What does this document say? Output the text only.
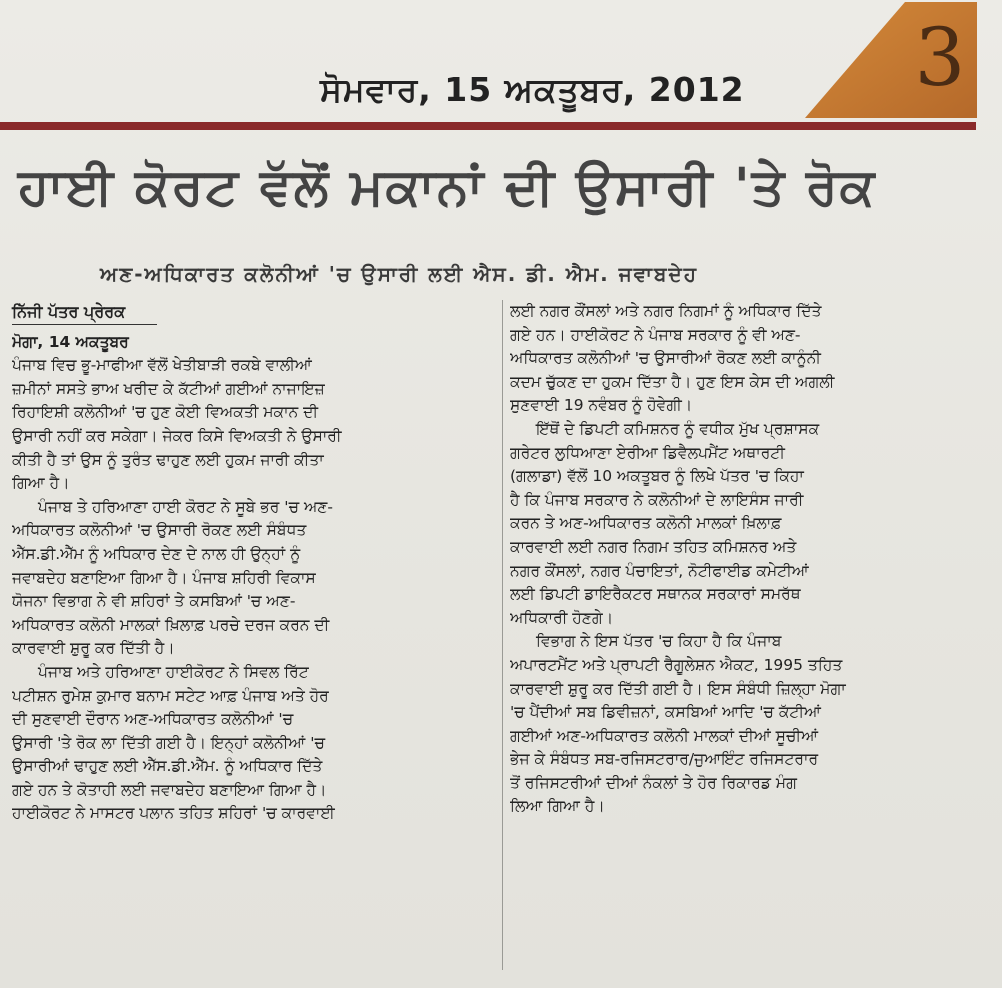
ਸੋਮਵਾਰ, 15 ਅਕਤੂਬਰ, 2012	3
ਹਾਈ ਕੋਰਟ ਵੱਲੋਂ ਮਕਾਨਾਂ ਦੀ ਉਸਾਰੀ 'ਤੇ ਰੋਕ
ਅਣ-ਅਧਿਕਾਰਤ ਕਲੋਨੀਆਂ 'ਚ ਉਸਾਰੀ ਲਈ ਐਸ. ਡੀ. ਐਮ. ਜਵਾਬਦੇਹ
ਨਿੱਜੀ ਪੱਤਰ ਪ੍ਰੇਰਕ
ਮੋਗਾ, 14 ਅਕਤੂਬਰ
ਪੰਜਾਬ ਵਿਚ ਭੂ-ਮਾਫੀਆ ਵੱਲੋਂ ਖੇਤੀਬਾੜੀ ਰਕਬੇ ਵਾਲੀਆਂ
ਜ਼ਮੀਨਾਂ ਸਸਤੇ ਭਾਅ ਖਰੀਦ ਕੇ ਕੱਟੀਆਂ ਗਈਆਂ ਨਾਜਾਇਜ਼
ਰਿਹਾਇਸ਼ੀ ਕਲੋਨੀਆਂ 'ਚ ਹੁਣ ਕੋਈ ਵਿਅਕਤੀ ਮਕਾਨ ਦੀ
ਉਸਾਰੀ ਨਹੀਂ ਕਰ ਸਕੇਗਾ। ਜੇਕਰ ਕਿਸੇ ਵਿਅਕਤੀ ਨੇ ਉਸਾਰੀ
ਕੀਤੀ ਹੈ ਤਾਂ ਉਸ ਨੂੰ ਤੁਰੰਤ ਢਾਹੁਣ ਲਈ ਹੁਕਮ ਜਾਰੀ ਕੀਤਾ
ਗਿਆ ਹੈ।
ਪੰਜਾਬ ਤੇ ਹਰਿਆਣਾ ਹਾਈ ਕੋਰਟ ਨੇ ਸੂਬੇ ਭਰ 'ਚ ਅਣ-
ਅਧਿਕਾਰਤ ਕਲੋਨੀਆਂ 'ਚ ਉਸਾਰੀ ਰੋਕਣ ਲਈ ਸੰਬੰਧਤ
ਐੱਸ.ਡੀ.ਐੱਮ ਨੂੰ ਅਧਿਕਾਰ ਦੇਣ ਦੇ ਨਾਲ ਹੀ ਉਨ੍ਹਾਂ ਨੂੰ
ਜਵਾਬਦੇਹ ਬਣਾਇਆ ਗਿਆ ਹੈ। ਪੰਜਾਬ ਸ਼ਹਿਰੀ ਵਿਕਾਸ
ਯੋਜਨਾ ਵਿਭਾਗ ਨੇ ਵੀ ਸ਼ਹਿਰਾਂ ਤੇ ਕਸਬਿਆਂ 'ਚ ਅਣ-
ਅਧਿਕਾਰਤ ਕਲੋਨੀ ਮਾਲਕਾਂ ਖ਼ਿਲਾਫ਼ ਪਰਚੇ ਦਰਜ ਕਰਨ ਦੀ
ਕਾਰਵਾਈ ਸ਼ੁਰੂ ਕਰ ਦਿੱਤੀ ਹੈ।
ਪੰਜਾਬ ਅਤੇ ਹਰਿਆਣਾ ਹਾਈਕੋਰਟ ਨੇ ਸਿਵਲ ਰਿੱਟ
ਪਟੀਸ਼ਨ ਰੁਮੇਸ਼ ਕੁਮਾਰ ਬਨਾਮ ਸਟੇਟ ਆਫ਼ ਪੰਜਾਬ ਅਤੇ ਹੋਰ
ਦੀ ਸੁਣਵਾਈ ਦੌਰਾਨ ਅਣ-ਅਧਿਕਾਰਤ ਕਲੋਨੀਆਂ 'ਚ
ਉਸਾਰੀ 'ਤੇ ਰੋਕ ਲਾ ਦਿੱਤੀ ਗਈ ਹੈ। ਇਨ੍ਹਾਂ ਕਲੋਨੀਆਂ 'ਚ
ਉਸਾਰੀਆਂ ਢਾਹੁਣ ਲਈ ਐੱਸ.ਡੀ.ਐੱਮ. ਨੂੰ ਅਧਿਕਾਰ ਦਿੱਤੇ
ਗਏ ਹਨ ਤੇ ਕੋਤਾਹੀ ਲਈ ਜਵਾਬਦੇਹ ਬਣਾਇਆ ਗਿਆ ਹੈ।
ਹਾਈਕੋਰਟ ਨੇ ਮਾਸਟਰ ਪਲਾਨ ਤਹਿਤ ਸ਼ਹਿਰਾਂ 'ਚ ਕਾਰਵਾਈ
ਲਈ ਨਗਰ ਕੌਂਸਲਾਂ ਅਤੇ ਨਗਰ ਨਿਗਮਾਂ ਨੂੰ ਅਧਿਕਾਰ ਦਿੱਤੇ
ਗਏ ਹਨ। ਹਾਈਕੋਰਟ ਨੇ ਪੰਜਾਬ ਸਰਕਾਰ ਨੂੰ ਵੀ ਅਣ-
ਅਧਿਕਾਰਤ ਕਲੋਨੀਆਂ 'ਚ ਉਸਾਰੀਆਂ ਰੋਕਣ ਲਈ ਕਾਨੂੰਨੀ
ਕਦਮ ਚੁੱਕਣ ਦਾ ਹੁਕਮ ਦਿੱਤਾ ਹੈ। ਹੁਣ ਇਸ ਕੇਸ ਦੀ ਅਗਲੀ
ਸੁਣਵਾਈ 19 ਨਵੰਬਰ ਨੂੰ ਹੋਵੇਗੀ।
ਇੱਥੋਂ ਦੇ ਡਿਪਟੀ ਕਮਿਸ਼ਨਰ ਨੂੰ ਵਧੀਕ ਮੁੱਖ ਪ੍ਰਸ਼ਾਸਕ
ਗਰੇਟਰ ਲੁਧਿਆਣਾ ਏਰੀਆ ਡਿਵੈਲਪਮੈਂਟ ਅਥਾਰਟੀ
(ਗਲਾਡਾ) ਵੱਲੋਂ 10 ਅਕਤੂਬਰ ਨੂੰ ਲਿਖੇ ਪੱਤਰ 'ਚ ਕਿਹਾ
ਹੈ ਕਿ ਪੰਜਾਬ ਸਰਕਾਰ ਨੇ ਕਲੋਨੀਆਂ ਦੇ ਲਾਇਸੰਸ ਜਾਰੀ
ਕਰਨ ਤੇ ਅਣ-ਅਧਿਕਾਰਤ ਕਲੋਨੀ ਮਾਲਕਾਂ ਖ਼ਿਲਾਫ਼
ਕਾਰਵਾਈ ਲਈ ਨਗਰ ਨਿਗਮ ਤਹਿਤ ਕਮਿਸ਼ਨਰ ਅਤੇ
ਨਗਰ ਕੌਂਸਲਾਂ, ਨਗਰ ਪੰਚਾਇਤਾਂ, ਨੋਟੀਫਾਈਡ ਕਮੇਟੀਆਂ
ਲਈ ਡਿਪਟੀ ਡਾਇਰੈਕਟਰ ਸਥਾਨਕ ਸਰਕਾਰਾਂ ਸਮਰੱਥ
ਅਧਿਕਾਰੀ ਹੋਣਗੇ।
ਵਿਭਾਗ ਨੇ ਇਸ ਪੱਤਰ 'ਚ ਕਿਹਾ ਹੈ ਕਿ ਪੰਜਾਬ
ਅਪਾਰਟਮੈਂਟ ਅਤੇ ਪ੍ਰਾਪਟੀ ਰੈਗੂਲੇਸ਼ਨ ਐਕਟ, 1995 ਤਹਿਤ
ਕਾਰਵਾਈ ਸ਼ੁਰੂ ਕਰ ਦਿੱਤੀ ਗਈ ਹੈ। ਇਸ ਸੰਬੰਧੀ ਜ਼ਿਲ੍ਹਾ ਮੋਗਾ
'ਚ ਪੈਂਦੀਆਂ ਸਬ ਡਿਵੀਜ਼ਨਾਂ, ਕਸਬਿਆਂ ਆਦਿ 'ਚ ਕੱਟੀਆਂ
ਗਈਆਂ ਅਣ-ਅਧਿਕਾਰਤ ਕਲੋਨੀ ਮਾਲਕਾਂ ਦੀਆਂ ਸੂਚੀਆਂ
ਭੇਜ ਕੇ ਸੰਬੰਧਤ ਸਬ-ਰਜਿਸਟਰਾਰ/ਜੁਆਇੰਟ ਰਜਿਸਟਰਾਰ
ਤੋਂ ਰਜਿਸਟਰੀਆਂ ਦੀਆਂ ਨੰਕਲਾਂ ਤੇ ਹੋਰ ਰਿਕਾਰਡ ਮੰਗ
ਲਿਆ ਗਿਆ ਹੈ।
